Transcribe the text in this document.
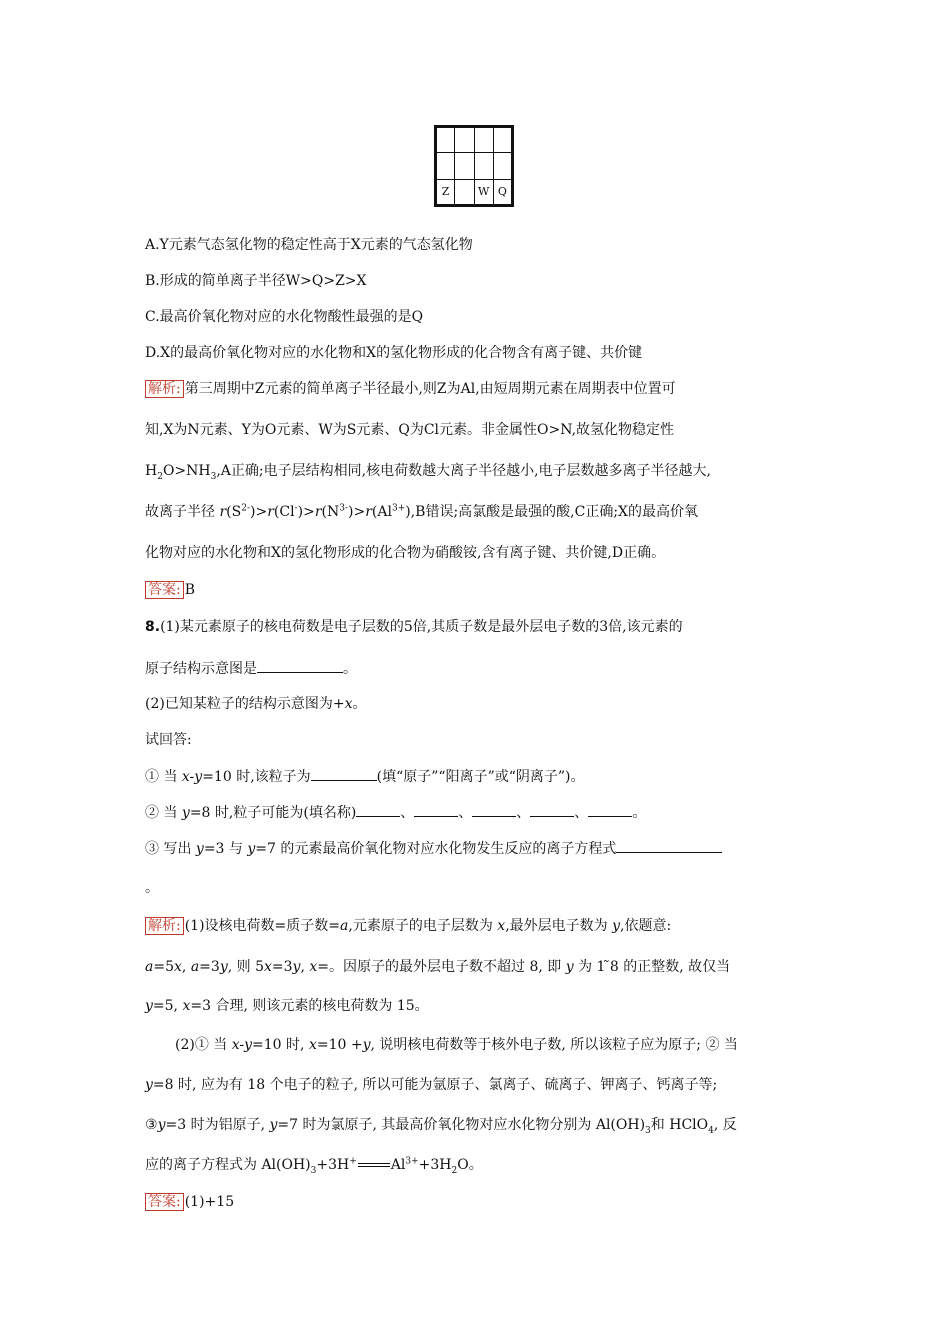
Z		W	Q
A.Y元素气态氢化物的稳定性高于X元素的气态氢化物
B.形成的简单离子半径W>Q>Z>X
C.最高价氧化物对应的水化物酸性最强的是Q
D.X的最高价氧化物对应的水化物和X的氢化物形成的化合物含有离子键、共价键
解析: 第三周期中Z元素的简单离子半径最小,则Z为Al,由短周期元素在周期表中位置可
知,X为N元素、Y为O元素、W为S元素、Q为Cl元素。非金属性O>N,故氢化物稳定性
$H_2O>NH_3,A$正确;电子层结构相同,核电荷数越大离子半径越小,电子层数越多离子半径越大,
故离子半径 $r(S^{2-})>r(Cl^-)>r(N^{3-})>r(Al^{3+}),B$错误;高氯酸是最强的酸,C正确;X的最高价氧
化物对应的水化物和X的氢化物形成的化合物为硝酸铵,含有离子键、共价键,D正确。
答案: B
8.(1)某元素原子的核电荷数是电子层数的5倍,其质子数是最外层电子数的3倍,该元素的
原子结构示意图是	。
(2)已知某粒子的结构示意图为+x。
试回答:
① 当 x-y=10 时,该粒子为	(填“原子”“阳离子”或“阴离子”)。
② 当 y=8 时,粒子可能为(填名称)	、	、	、	、	。
③ 写出 y=3 与 y=7 的元素最高价氧化物对应水化物发生反应的离子方程式
。
解析: (1)设核电荷数=质子数=a,元素原子的电子层数为 x,最外层电子数为 y,依题意:
a=5x, a=3y, 则 5x=3y, x=。因原子的最外层电子数不超过 8, 即 y 为 1 ̃8 的正整数, 故仅当
y=5, x=3 合理, 则该元素的核电荷数为 15。
(2)① 当 x-y=10 时, x=10 +y, 说明核电荷数等于核外电子数, 所以该粒子应为原子; ② 当
y=8 时, 应为有 18 个电子的粒子, 所以可能为氩原子、氯离子、硫离子、钾离子、钙离子等;
③y=3 时为铝原子, y=7 时为氯原子, 其最高价氧化物对应水化物分别为 $Al(OH)_3$和 HClO$_4$, 反
应的离子方程式为 $Al(OH)_3+3H^+$ $Al^{3+}+3H_2O$。
答案: (1)+15
